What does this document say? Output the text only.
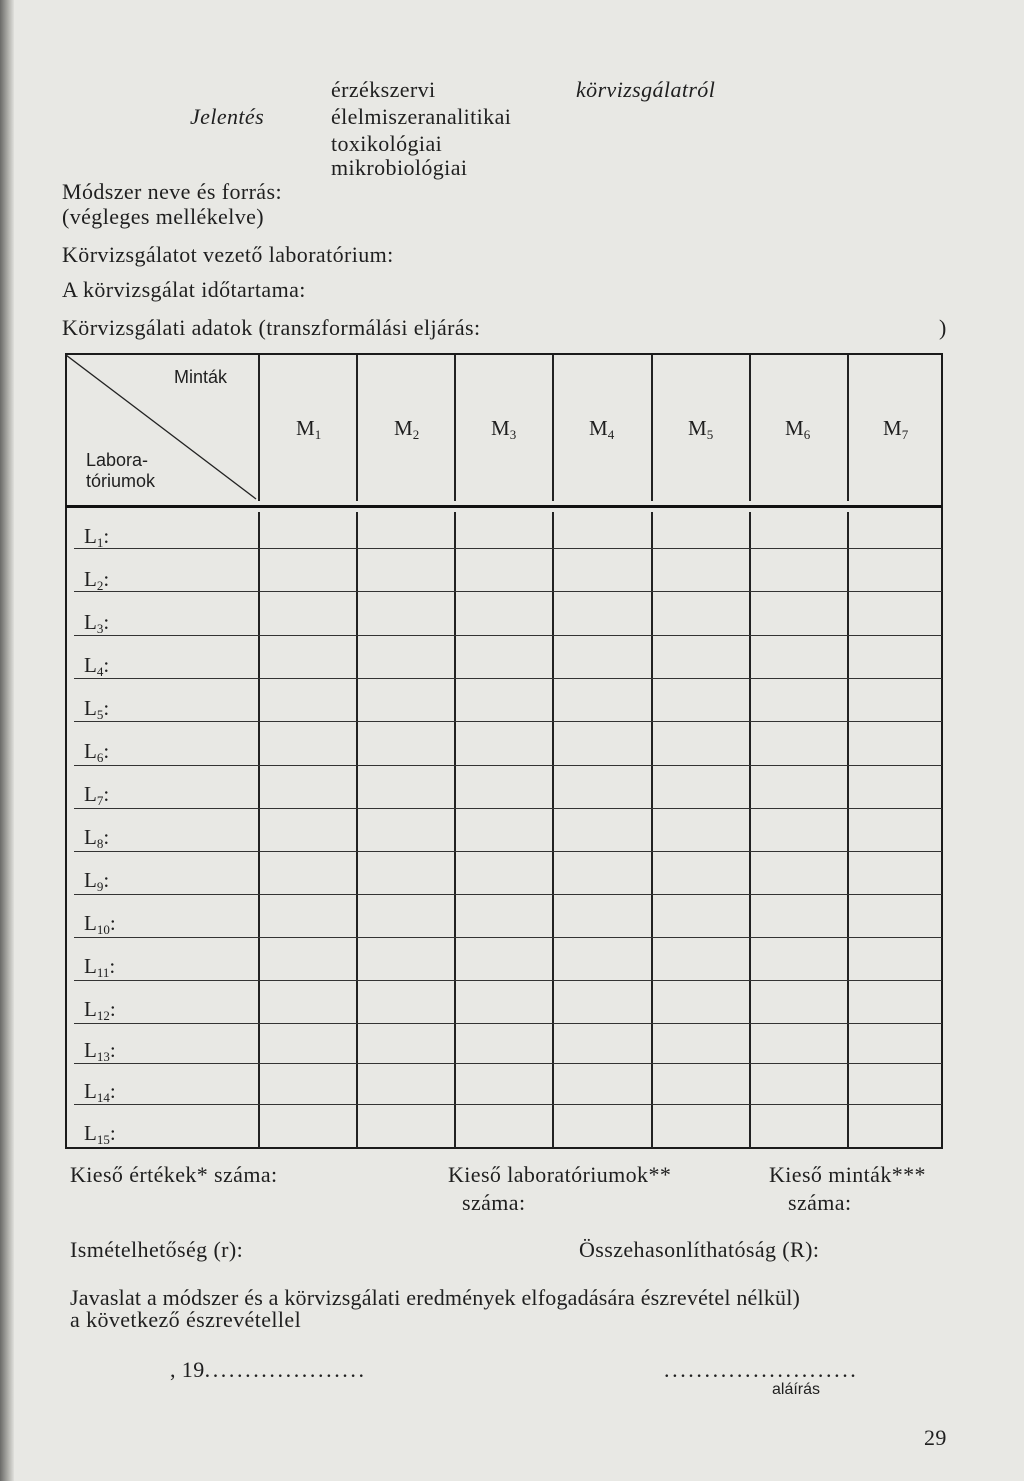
érzékszervi	körvizsgálatról
Jelentés	élelmiszeranalitikai
toxikológiai
mikrobiológiai
Módszer neve és forrás:
(végleges mellékelve)
Körvizsgálatot vezető laboratórium:
A körvizsgálat időtartama:
Körvizsgálati adatok (transzformálási eljárás:	)
Minták
Labora-
tóriumok
$M_1$	$M_2$	$M_3$	$M_4$	$M_5$	$M_6$	$M_7$
$L_1$:
$L_2$:
$L_3$:
$L_4$:
$L_5$:
$L_6$:
$L_7$:
$L_8$:
$L_9$:
$L_{10}$:
$L_{11}$:
$L_{12}$:
$L_{13}$:
$L_{14}$:
$L_{15}$:
Kieső értékek* száma:	Kieső laboratóriumok**
száma:
Kieső minták***
száma:
Ismételhetőség (r):	Összehasonlíthatóság (R):
Javaslat a módszer és a körvizsgálati eredmények elfogadására észrevétel nélkül)
a következő észrevétellel
, 19....................	........................
aláírás
29
